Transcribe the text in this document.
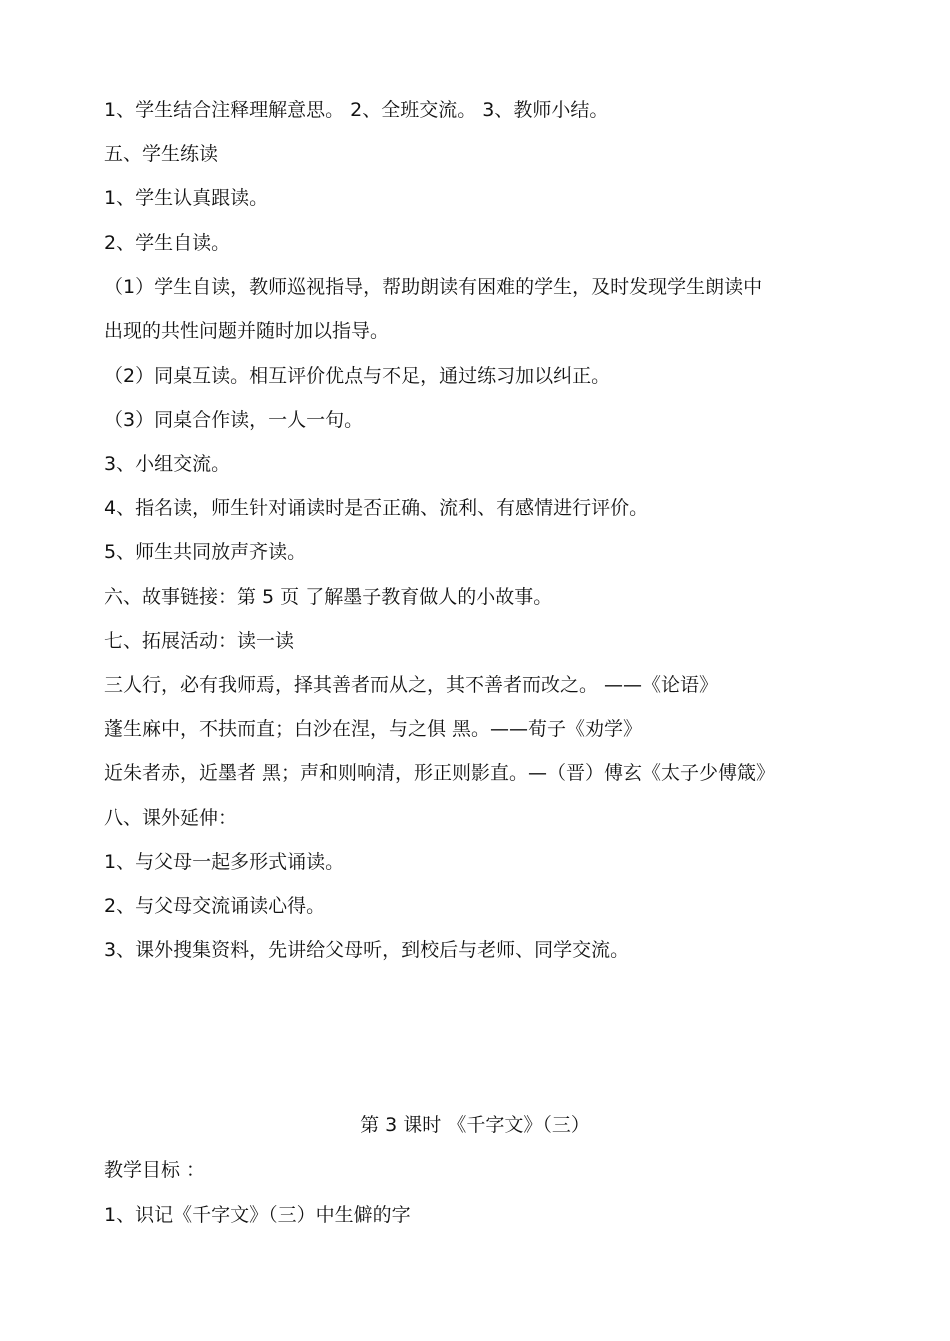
1、学生结合注释理解意思。 2、全班交流。 3、教师小结。
五、学生练读
1、学生认真跟读。
2、学生自读。
（1）学生自读，教师巡视指导，帮助朗读有困难的学生，及时发现学生朗读中
出现的共性问题并随时加以指导。
（2）同桌互读。相互评价优点与不足，通过练习加以纠正。
（3）同桌合作读，一人一句。
3、小组交流。
4、指名读，师生针对诵读时是否正确、流利、有感情进行评价。
5、师生共同放声齐读。
六、故事链接：第 5 页 了解墨子教育做人的小故事。
七、拓展活动：读一读
三人行，必有我师焉，择其善者而从之，其不善者而改之。 ——《论语》
蓬生麻中，不扶而直；白沙在涅，与之俱 黑。——荀子《劝学》
近朱者赤，近墨者 黑；声和则响清，形正则影直。—（晋）傅玄《太子少傅箴》
八、课外延伸：
1、与父母一起多形式诵读。
2、与父母交流诵读心得。
3、课外搜集资料，先讲给父母听，到校后与老师、同学交流。
第 3 课时 《千字文》（三）
教学目标 ：
1、识记《千字文》（三）中生僻的字
